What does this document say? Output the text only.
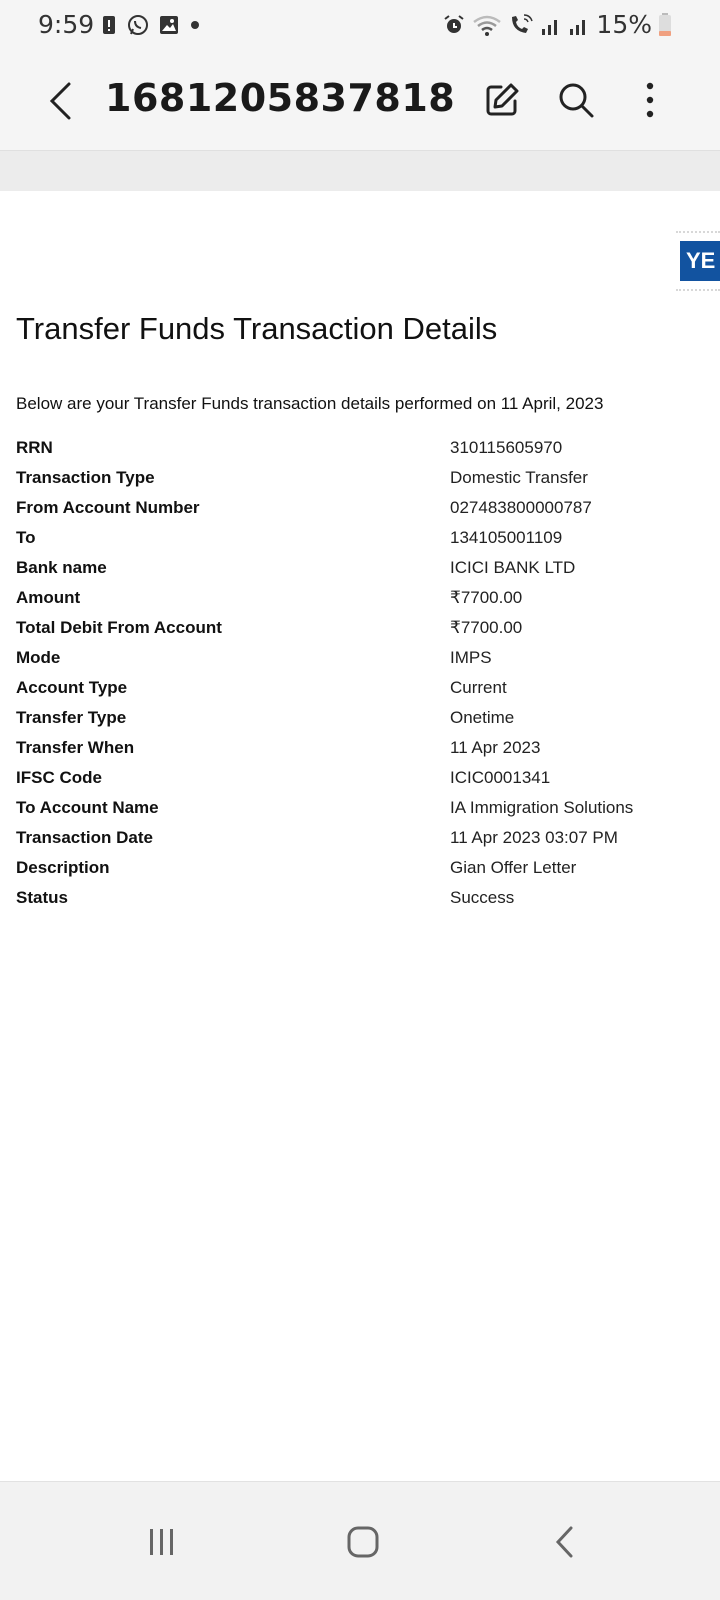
9:59	15%
1681205837818
YE
Transfer Funds Transaction Details
Below are your Transfer Funds transaction details performed on 11 April, 2023
RRN	310115605970
Transaction Type	Domestic Transfer
From Account Number	027483800000787
To	134105001109
Bank name	ICICI BANK LTD
Amount	₹7700.00
Total Debit From Account	₹7700.00
Mode	IMPS
Account Type	Current
Transfer Type	Onetime
Transfer When	11 Apr 2023
IFSC Code	ICIC0001341
To Account Name	IA Immigration Solutions
Transaction Date	11 Apr 2023 03:07 PM
Description	Gian Offer Letter
Status	Success
